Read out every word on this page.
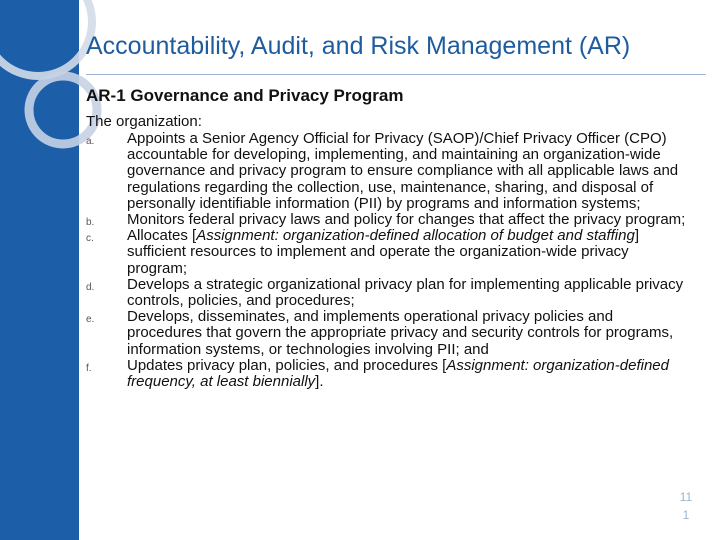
Accountability, Audit, and Risk Management (AR)
AR-1 Governance and Privacy Program
The organization:
a. Appoints a Senior Agency Official for Privacy (SAOP)/Chief Privacy Officer (CPO) accountable for developing, implementing, and maintaining an organization-wide governance and privacy program to ensure compliance with all applicable laws and regulations regarding the collection, use, maintenance, sharing, and disposal of personally identifiable information (PII) by programs and information systems;
b. Monitors federal privacy laws and policy for changes that affect the privacy program;
c. Allocates [Assignment: organization-defined allocation of budget and staffing] sufficient resources to implement and operate the organization-wide privacy program;
d. Develops a strategic organizational privacy plan for implementing applicable privacy controls, policies, and procedures;
e. Develops, disseminates, and implements operational privacy policies and procedures that govern the appropriate privacy and security controls for programs, information systems, or technologies involving PII; and
f. Updates privacy plan, policies, and procedures [Assignment: organization-defined frequency, at least biennially].
11
1
